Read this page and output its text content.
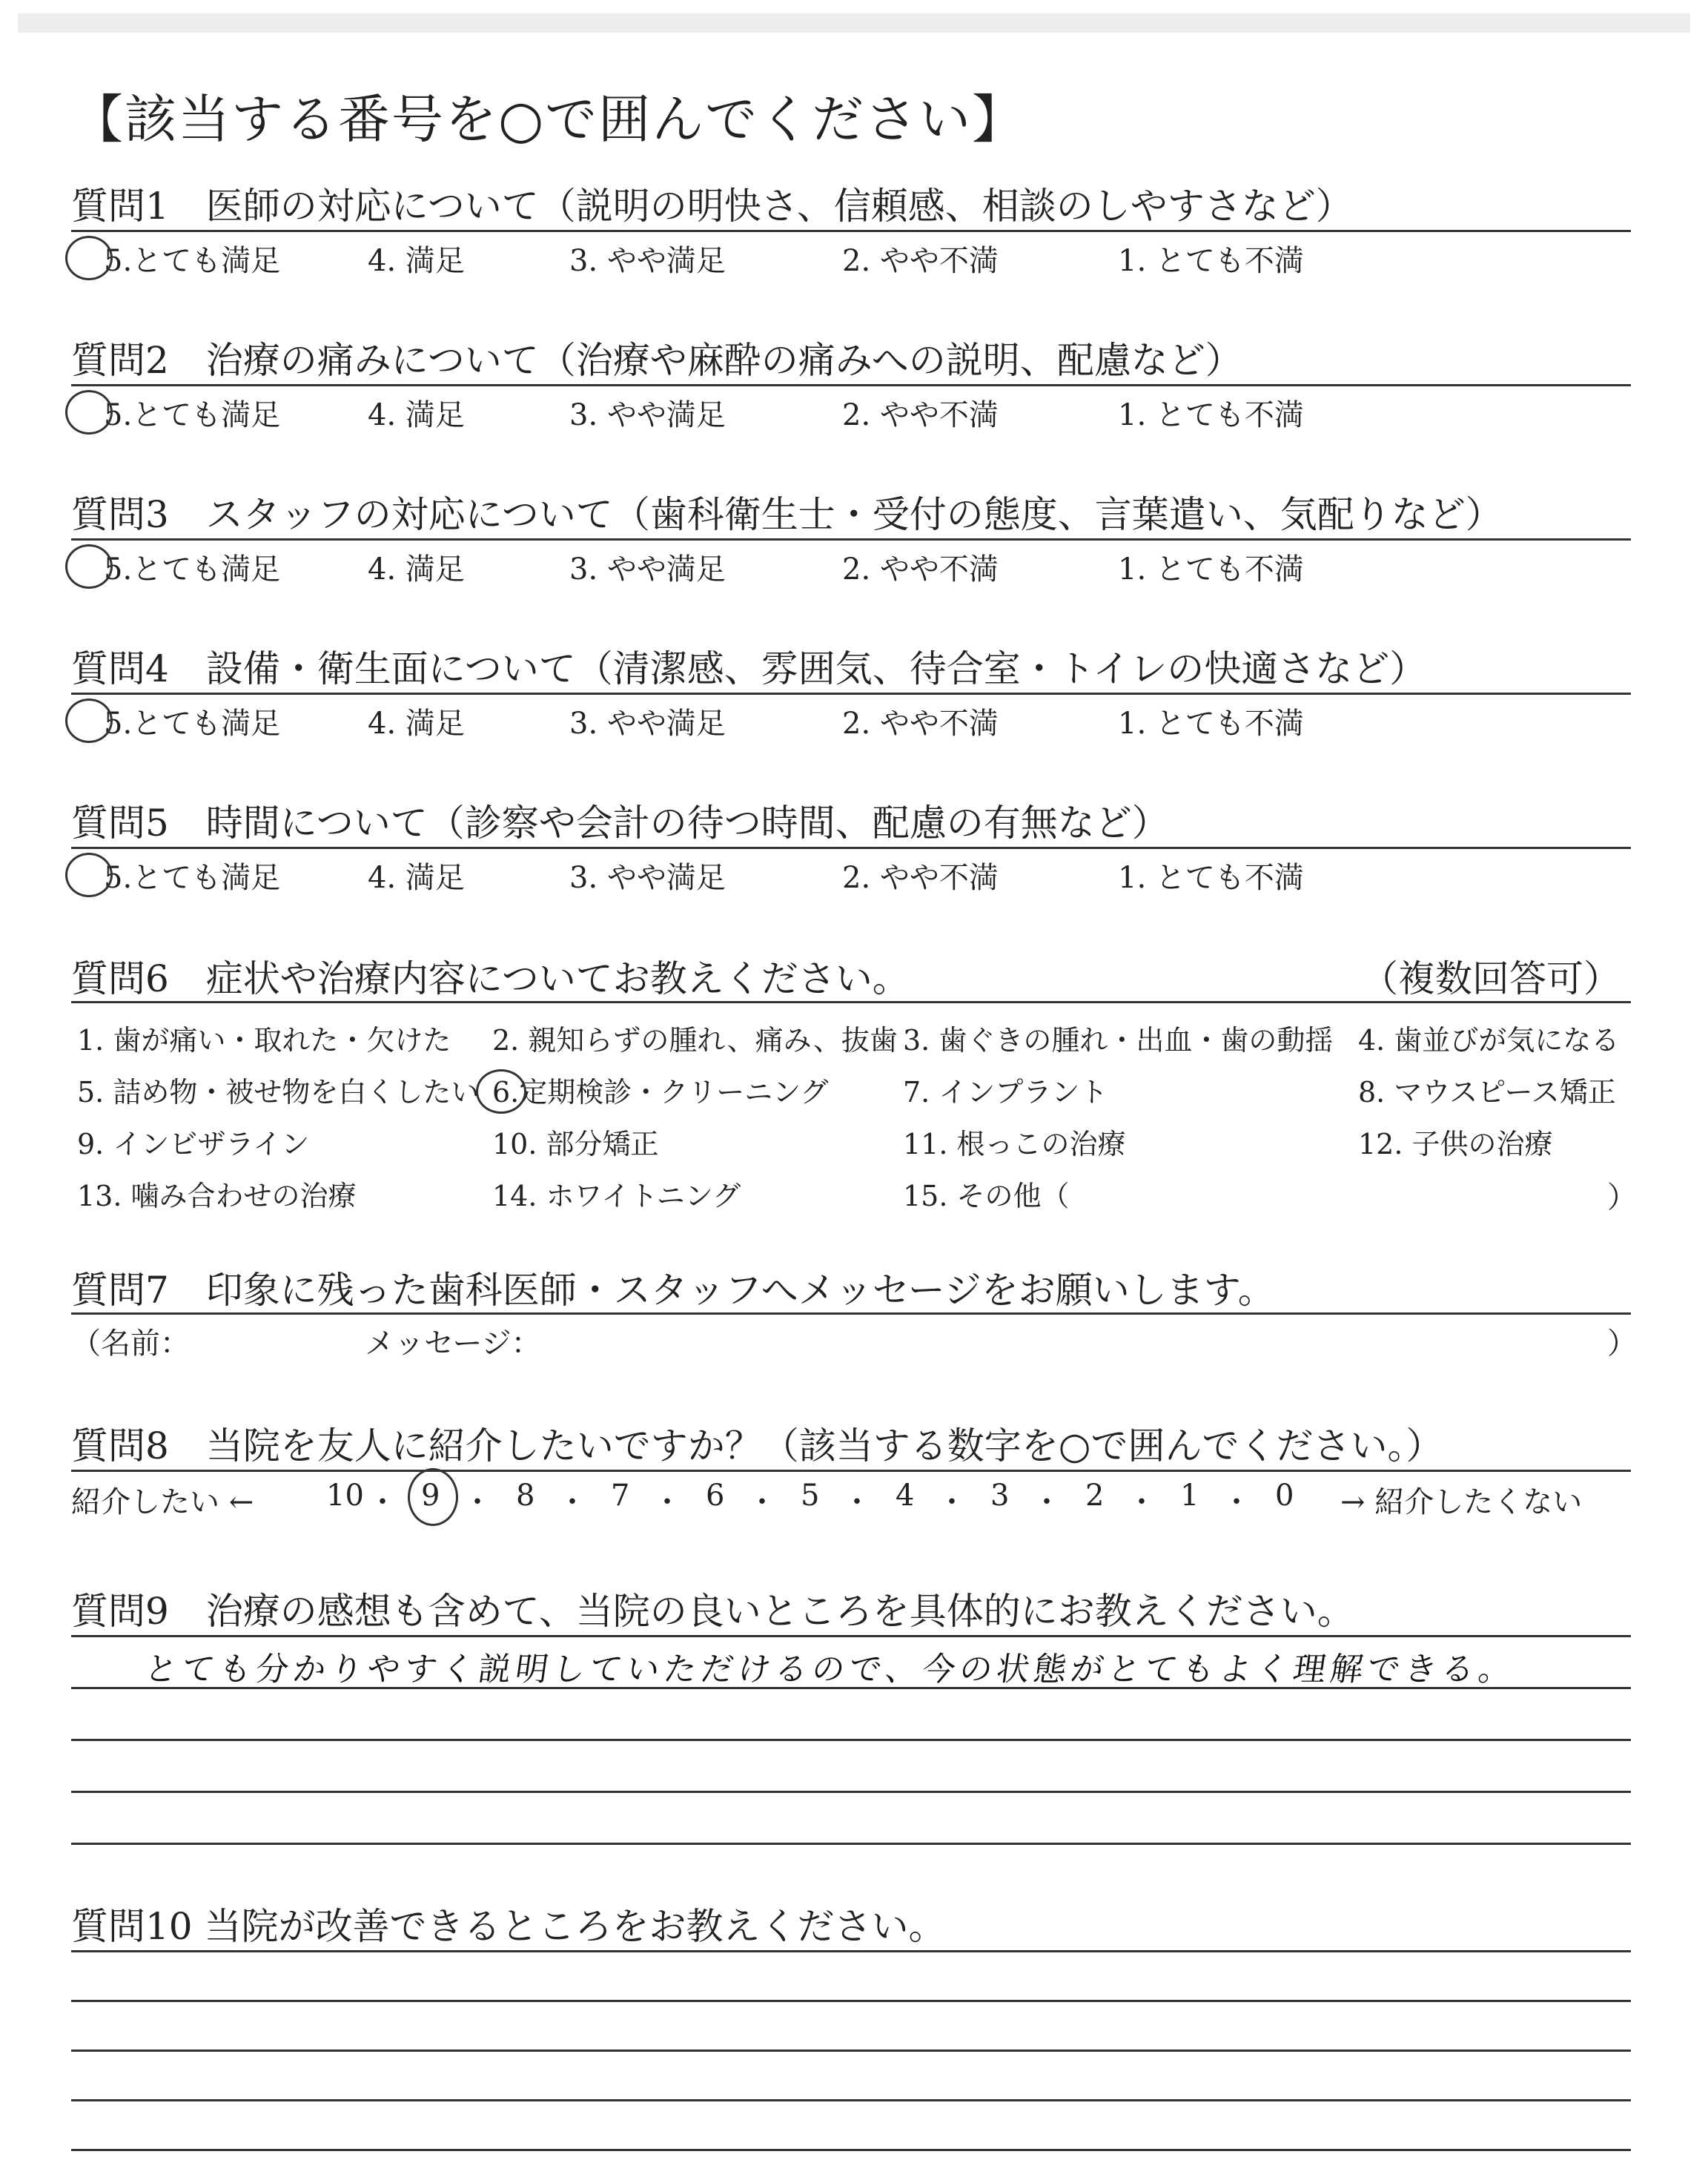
【該当する番号を○で囲んでください】
質問1　医師の対応について（説明の明快さ、信頼感、相談のしやすさなど）
5.とても満足	4. 満足	3. やや満足	2. やや不満	1. とても不満
質問2　治療の痛みについて（治療や麻酔の痛みへの説明、配慮など）
5.とても満足	4. 満足	3. やや満足	2. やや不満	1. とても不満
質問3　スタッフの対応について（歯科衛生士・受付の態度、言葉遣い、気配りなど）
5.とても満足	4. 満足	3. やや満足	2. やや不満	1. とても不満
質問4　設備・衛生面について（清潔感、雰囲気、待合室・トイレの快適さなど）
5.とても満足	4. 満足	3. やや満足	2. やや不満	1. とても不満
質問5　時間について（診察や会計の待つ時間、配慮の有無など）
5.とても満足	4. 満足	3. やや満足	2. やや不満	1. とても不満
質問6　症状や治療内容についてお教えください。	（複数回答可）
1. 歯が痛い・取れた・欠けた 2. 親知らずの腫れ、痛み、抜歯 3. 歯ぐきの腫れ・出血・歯の動揺 4. 歯並びが気になる
5. 詰め物・被せ物を白くしたい 6.定期検診・クリーニング	7. インプラント	8. マウスピース矯正
9. インビザライン	10. 部分矯正	11. 根っこの治療	12. 子供の治療
13. 噛み合わせの治療	14. ホワイトニング	15. その他（	）
質問7　印象に残った歯科医師・スタッフへメッセージをお願いします。
（名前：	メッセージ：	）
質問8　当院を友人に紹介したいですか？（該当する数字を○で囲んでください。）
紹介したい ← 10 ・ 9 ・ 8 ・ 7 ・ 6 ・ 5 ・ 4 ・ 3 ・ 2 ・ 1 ・ 0 → 紹介したくない
質問9　治療の感想も含めて、当院の良いところを具体的にお教えください。
とても分かりやすく説明していただけるので、今の状態がとてもよく理解できる。
質問10 当院が改善できるところをお教えください。
